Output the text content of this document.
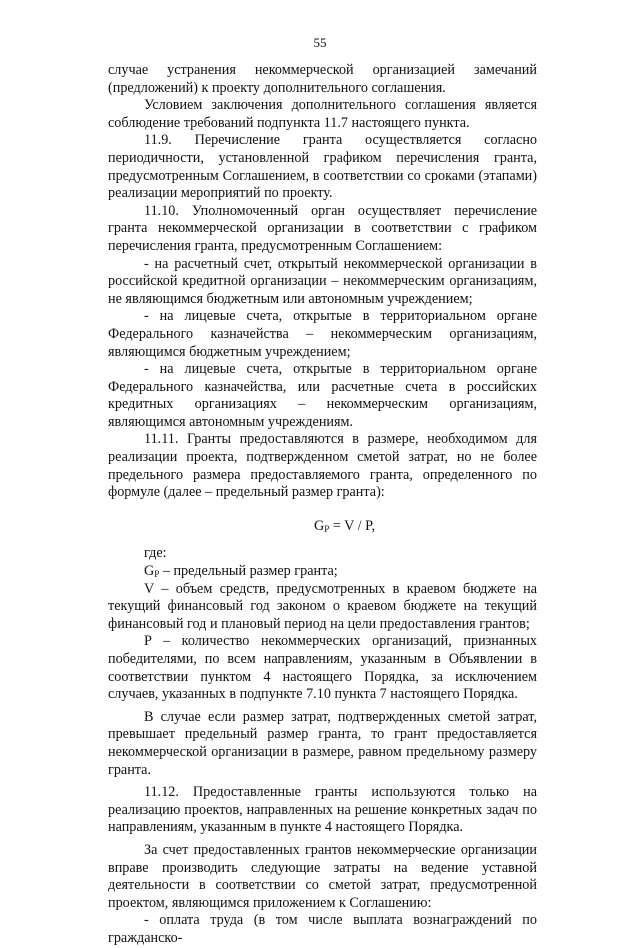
55

случае устранения некоммерческой организацией замечаний (предложений) к проекту дополнительного соглашения.

Условием заключения дополнительного соглашения является соблюдение требований подпункта 11.7 настоящего пункта.

11.9. Перечисление гранта осуществляется согласно периодичности, установленной графиком перечисления гранта, предусмотренным Соглашением, в соответствии со сроками (этапами) реализации мероприятий по проекту.

11.10. Уполномоченный орган осуществляет перечисление гранта некоммерческой организации в соответствии с графиком перечисления гранта, предусмотренным Соглашением:

- на расчетный счет, открытый некоммерческой организации в российской кредитной организации – некоммерческим организациям, не являющимся бюджетным или автономным учреждением;

- на лицевые счета, открытые в территориальном органе Федерального казначейства – некоммерческим организациям, являющимся бюджетным учреждением;

- на лицевые счета, открытые в территориальном органе Федерального казначейства, или расчетные счета в российских кредитных организациях – некоммерческим организациям, являющимся автономным учреждениям.

11.11. Гранты предоставляются в размере, необходимом для реализации проекта, подтвержденном сметой затрат, но не более предельного размера предоставляемого гранта, определенного по формуле (далее – предельный размер гранта):

$G_P = V / P$,

где:

$G_P$ – предельный размер гранта;

V – объем средств, предусмотренных в краевом бюджете на текущий финансовый год законом о краевом бюджете на текущий финансовый год и плановый период на цели предоставления грантов;

P – количество некоммерческих организаций, признанных победителями, по всем направлениям, указанным в Объявлении в соответствии пунктом 4 настоящего Порядка, за исключением случаев, указанных в подпункте 7.10 пункта 7 настоящего Порядка.

В случае если размер затрат, подтвержденных сметой затрат, превышает предельный размер гранта, то грант предоставляется некоммерческой организации в размере, равном предельному размеру гранта.

11.12. Предоставленные гранты используются только на реализацию проектов, направленных на решение конкретных задач по направлениям, указанным в пункте 4 настоящего Порядка.

За счет предоставленных грантов некоммерческие организации вправе производить следующие затраты на ведение уставной деятельности в соответствии со сметой затрат, предусмотренной проектом, являющимся приложением к Соглашению:

- оплата труда (в том числе выплата вознаграждений по гражданско-
